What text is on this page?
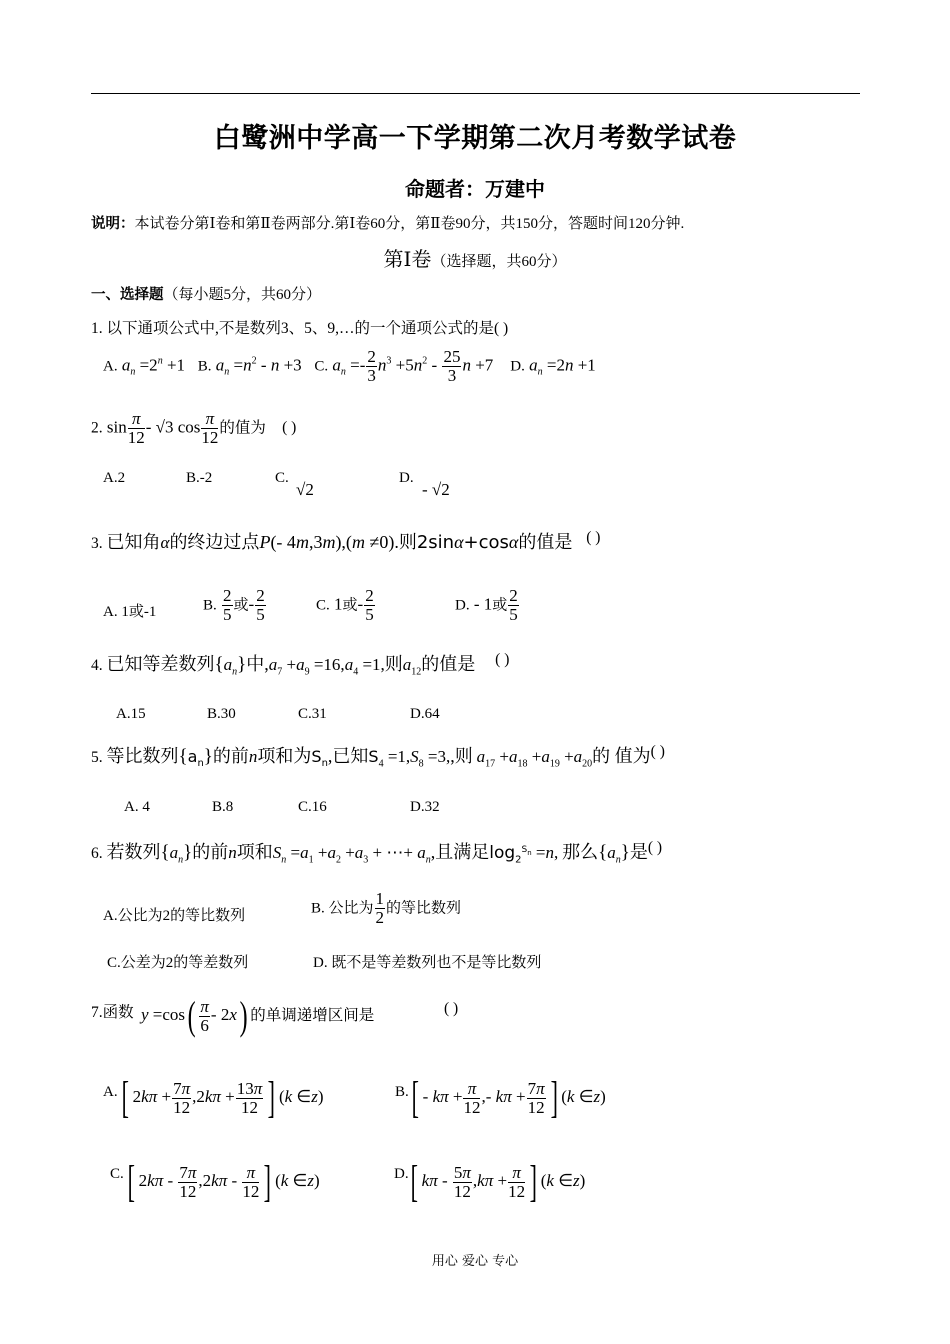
白鹭洲中学高一下学期第二次月考数学试卷
命题者：万建中
说明：本试卷分第Ⅰ卷和第Ⅱ卷两部分.第Ⅰ卷60分，第Ⅱ卷90分，共150分，答题时间120分钟.
第Ⅰ卷（选择题，共60分）
一、选择题（每小题5分，共60分）
1. 以下通项公式中,不是数列3、5、9,…的一个通项公式的是( )
A. $a_n =2^n +1$   B. $a_n =n^2 - n +3$   C. $a_n =- \frac{2}{3} n^3 +5n^2 - \frac{25}{3}$ n +7    D. $a_n =2n +1$
2. $\sin \frac{\pi}{12} - √3$ $\cos \frac{\pi}{12}$ 的值为 ( )
A.2	B.-2	C.
√2
D.
- √2
3. 已知角α的终边过点P(- 4m,3m),(m ≠0).则2sinα+cosα的值是 ( )
A. 1或-1	B. $\frac{2}{5}$ 或- $\frac{2}{5}$	C. 1或- $\frac{2}{5}$	D. - 1或 $\frac{2}{5}$
4. 已知等差数列$\{a_n\}$中$,a_7 +a_9 =16,a_4 =1$,则$a_{12}$的值是 ( )
A.15	B.30	C.31	D.64
5. 等比数列$\{a_n\}$的前n项和为$S_n$,已知$S_4 =1,S_8 =3$,,则 $a_{17} +a_{18} +a_{19} +a_{20}$的 值为( )
A. 4	B.8	C.16	D.32
6. 若数列$\{a_n\}$的前n项和$S_n =a_1 +a_2 +a_3$ + ⋯+ $a_n$,且满足$\log_2^{S_n} =n$, 那么$\{a_n\}$是( )
A.公比为2的等比数列	B. 公比为 $\frac{1}{2}$ 的等比数列
C.公差为2的等差数列	D. 既不是等差数列也不是等比数列
7.函数 $y =\cos( \frac{\pi}{6} - 2x)$ 的单调递增区间是	( )
A. [ $2k\pi + \frac{7\pi}{12} ,2k\pi + \frac{13\pi}{12}$ ] (k ∈z)	B. [ - $k\pi + \frac{\pi}{12}$ ,- $k\pi + \frac{7\pi}{12}$ ] (k ∈z)
C. [ $2k\pi - \frac{7\pi}{12} ,2k\pi - \frac{\pi}{12}$ ] (k ∈z)	D. [ $k\pi - \frac{5\pi}{12} ,k\pi + \frac{\pi}{12}$ ] (k ∈z)
用心 爱心 专心
